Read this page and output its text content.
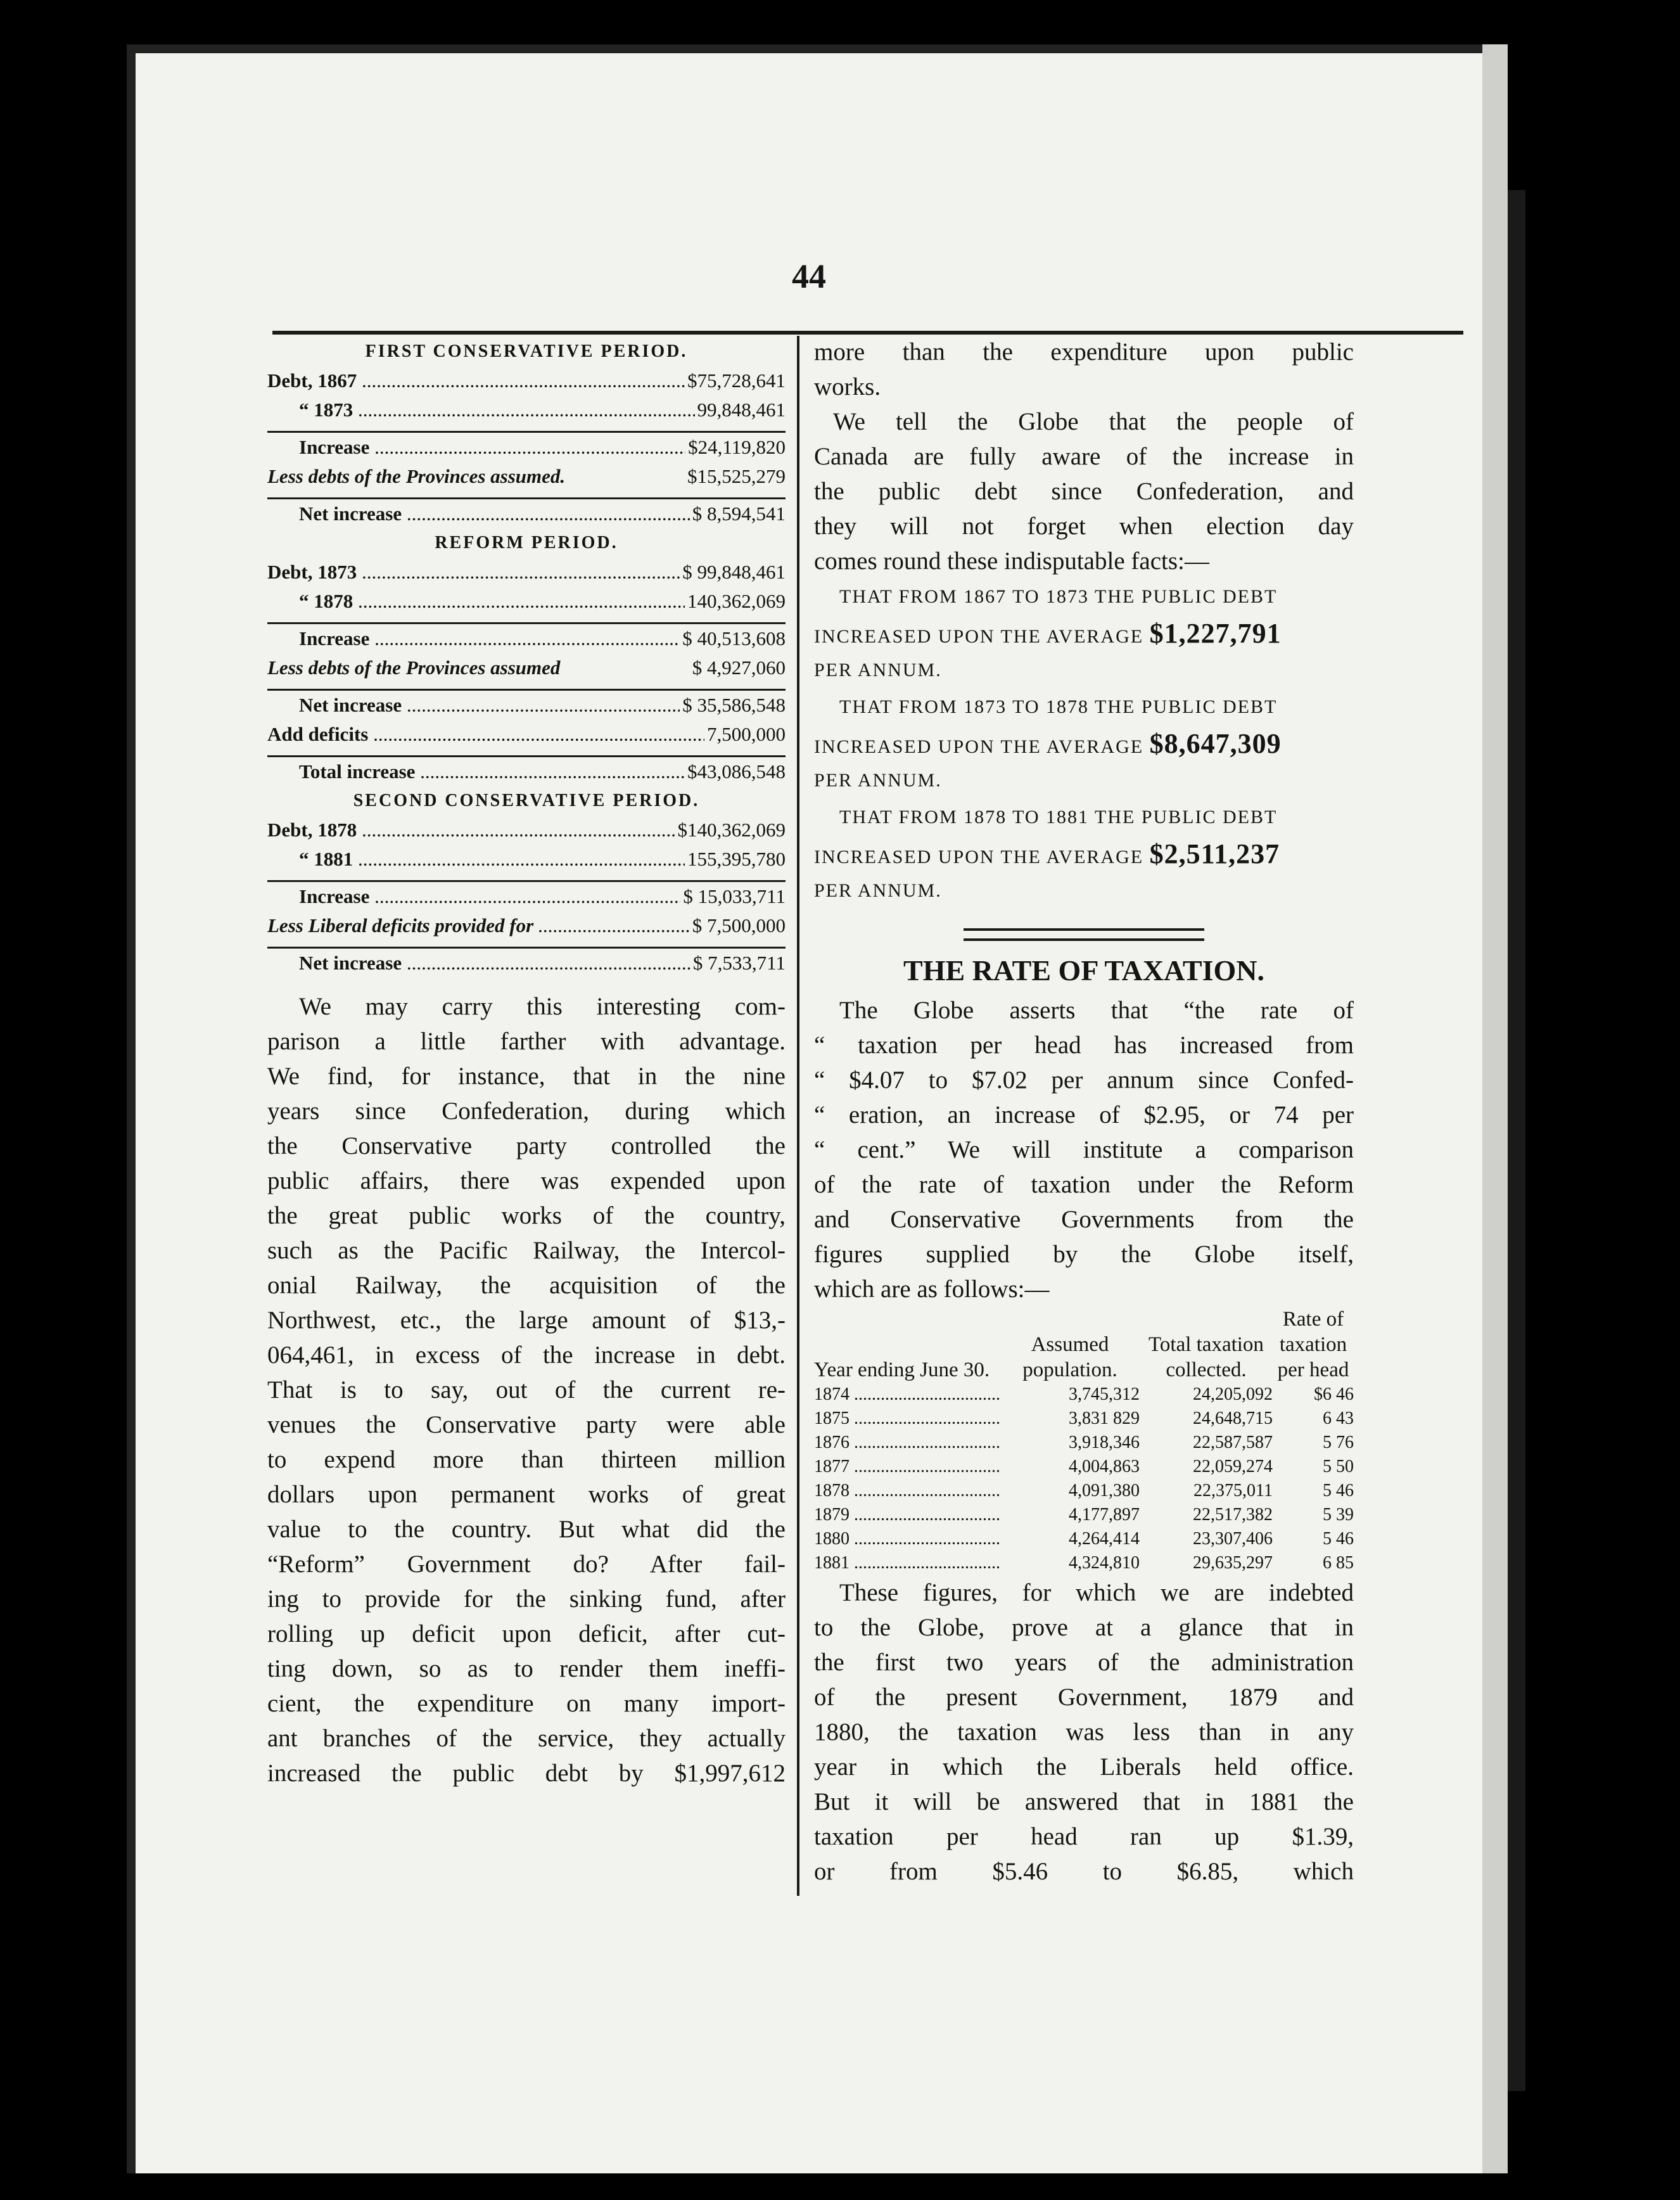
44
FIRST CONSERVATIVE PERIOD.
Debt, 1867 .....	$75,728,641
“ 1873 .....	99,848,461
Increase .....	$24,119,820
Less debts of the Provinces assumed.	$15,525,279
Net increase .....	$ 8,594,541
REFORM PERIOD.
Debt, 1873 .....	$ 99,848,461
“ 1878 .....	140,362,069
Increase .....	$ 40,513,608
Less debts of the Provinces assumed	$ 4,927,060
Net increase .....	$ 35,586,548
Add deficits .....	7,500,000
Total increase .....	$43,086,548
SECOND CONSERVATIVE PERIOD.
Debt, 1878 .....	$140,362,069
“ 1881 .....	155,395,780
Increase .....	$ 15,033,711
Less Liberal deficits provided for .....	$ 7,500,000
Net increase .....	$ 7,533,711
We may carry this interesting com-
parison a little farther with advantage.
We find, for instance, that in the nine
years since Confederation, during which
the Conservative party controlled the
public affairs, there was expended upon
the great public works of the country,
such as the Pacific Railway, the Intercol-
onial Railway, the acquisition of the
Northwest, etc., the large amount of $13,-
064,461, in excess of the increase in debt.
That is to say, out of the current re-
venues the Conservative party were able
to expend more than thirteen million
dollars upon permanent works of great
value to the country. But what did the
“Reform” Government do? After fail-
ing to provide for the sinking fund, after
rolling up deficit upon deficit, after cut-
ting down, so as to render them ineffi-
cient, the expenditure on many import-
ant branches of the service, they actually
increased the public debt by $1,997,612
more than the expenditure upon public
works.
We tell the Globe that the people of
Canada are fully aware of the increase in
the public debt since Confederation, and
they will not forget when election day
comes round these indisputable facts:—
THAT FROM 1867 TO 1873 THE PUBLIC DEBT
INCREASED UPON THE AVERAGE $1,227,791
PER ANNUM.
THAT FROM 1873 TO 1878 THE PUBLIC DEBT
INCREASED UPON THE AVERAGE $8,647,309
PER ANNUM.
THAT FROM 1878 TO 1881 THE PUBLIC DEBT
INCREASED UPON THE AVERAGE $2,511,237
PER ANNUM.
THE RATE OF TAXATION.
The Globe asserts that “the rate of
“ taxation per head has increased from
“ $4.07 to $7.02 per annum since Confed-
“ eration, an increase of $2.95, or 74 per
“ cent.” We will institute a comparison
of the rate of taxation under the Reform
and Conservative Governments from the
figures supplied by the Globe itself,
which are as follows:—
Year ending June 30.	Assumed population.	Total taxation collected.	Rate of taxation per head
1874 .....	3,745,312	24,205,092	$6 46
1875 .....	3,831 829	24,648,715	6 43
1876 .....	3,918,346	22,587,587	5 76
1877 .....	4,004,863	22,059,274	5 50
1878 .....	4,091,380	22,375,011	5 46
1879 .....	4,177,897	22,517,382	5 39
1880 .....	4,264,414	23,307,406	5 46
1881 .....	4,324,810	29,635,297	6 85
These figures, for which we are indebted
to the Globe, prove at a glance that in
the first two years of the administration
of the present Government, 1879 and
1880, the taxation was less than in any
year in which the Liberals held office.
But it will be answered that in 1881 the
taxation per head ran up $1.39,
or from $5.46 to $6.85, which
